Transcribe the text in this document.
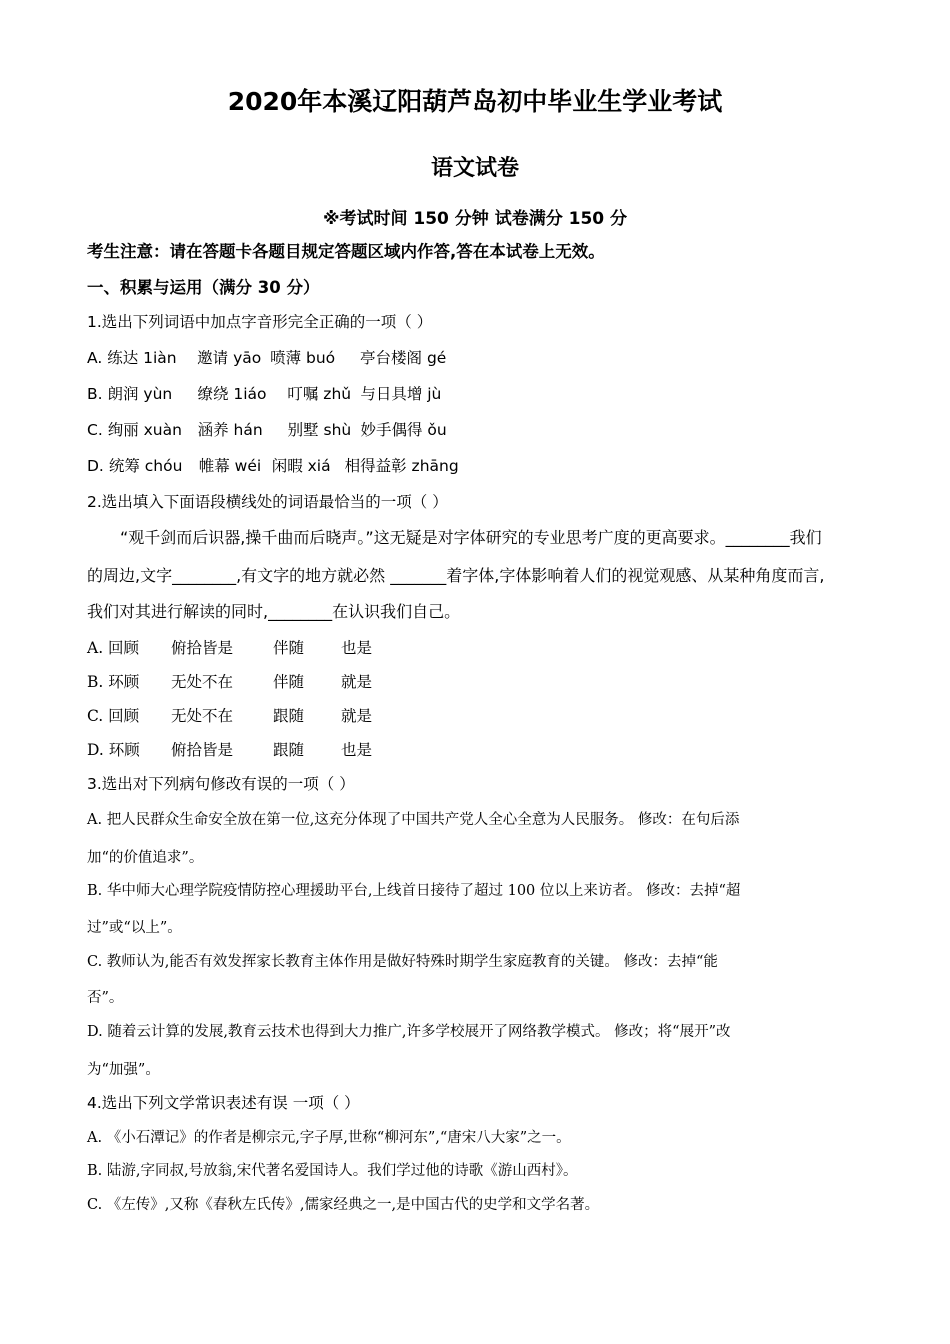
2020年本溪辽阳葫芦岛初中毕业生学业考试
语文试卷
※考试时间 150 分钟 试卷满分 150 分
考生注意：请在答题卡各题目规定答题区域内作答,答在本试卷上无效。
一、积累与运用（满分 30 分）
1.选出下列词语中加点字音形完全正确的一项（ ）
A. 练达 1iàn 邀请 yāo 喷薄 buó 亭台楼阁 gé
B. 朗润 yùn 缭绕 1iáo 叮嘱 zhǔ 与日具增 jù
C. 绚丽 xuàn 涵养 hán 别墅 shù 妙手偶得 ǒu
D. 统筹 chóu 帷幕 wéi 闲暇 xiá 相得益彰 zhāng
2.选出填入下面语段横线处的词语最恰当的一项（ ）
“观千剑而后识器,操千曲而后晓声。”这无疑是对字体研究的专业思考广度的更高要求。________我们
的周边,文字________,有文字的地方就必然 _______着字体,字体影响着人们的视觉观感、从某种角度而言,
我们对其进行解读的同时,________在认识我们自己。
A. 回顾 俯拾皆是	伴随 也是
B. 环顾 无处不在	伴随 就是
C. 回顾 无处不在	跟随 就是
D. 环顾 俯拾皆是	跟随 也是
3.选出对下列病句修改有误的一项（ ）
A. 把人民群众生命安全放在第一位,这充分体现了中国共产党人全心全意为人民服务。 修改：在句后添
加“的价值追求”。
B. 华中师大心理学院疫情防控心理援助平台,上线首日接待了超过 100 位以上来访者。 修改：去掉“超
过”或“以上”。
C. 教师认为,能否有效发挥家长教育主体作用是做好特殊时期学生家庭教育的关键。 修改：去掉“能
否”。
D. 随着云计算的发展,教育云技术也得到大力推广,许多学校展开了网络教学模式。 修改；将“展开”改
为“加强”。
4.选出下列文学常识表述有误 一项（ ）
A. 《小石潭记》的作者是柳宗元,字子厚,世称“柳河东”,“唐宋八大家”之一。
B. 陆游,字同叔,号放翁,宋代著名爱国诗人。我们学过他的诗歌《游山西村》。
C. 《左传》,又称《春秋左氏传》,儒家经典之一,是中国古代的史学和文学名著。
